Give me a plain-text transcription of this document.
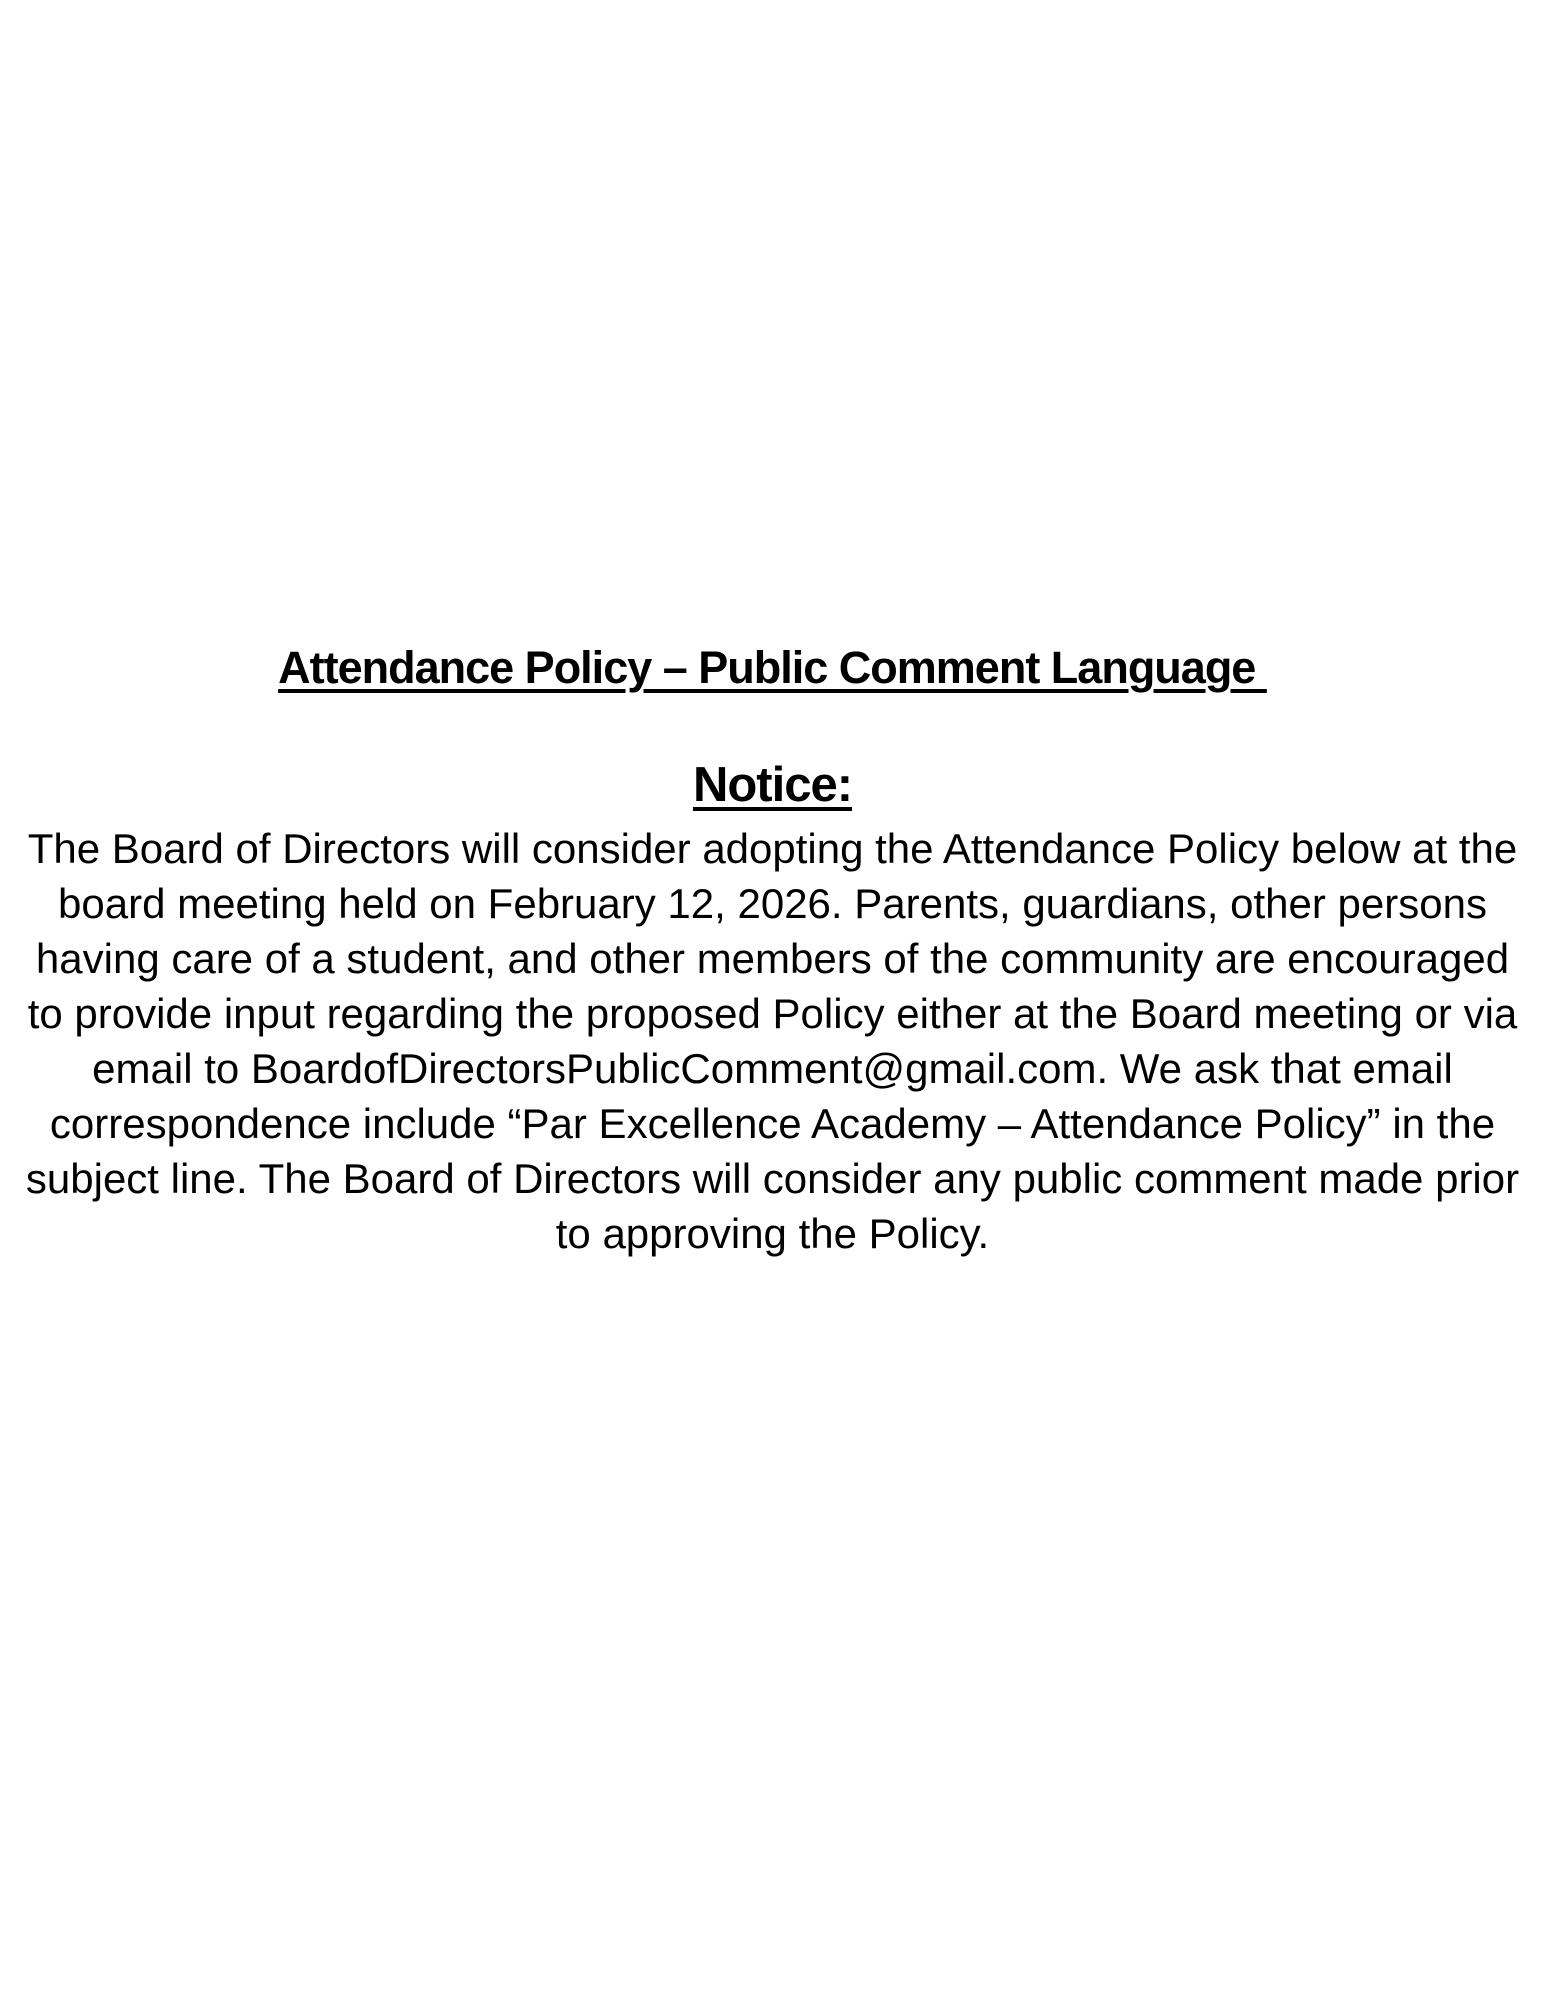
Attendance Policy – Public Comment Language
Notice:
The Board of Directors will consider adopting the Attendance Policy below at the
board meeting held on February 12, 2026. Parents, guardians, other persons
having care of a student, and other members of the community are encouraged
to provide input regarding the proposed Policy either at the Board meeting or via
email to BoardofDirectorsPublicComment@gmail.com. We ask that email
correspondence include “Par Excellence Academy – Attendance Policy” in the
subject line. The Board of Directors will consider any public comment made prior
to approving the Policy.
